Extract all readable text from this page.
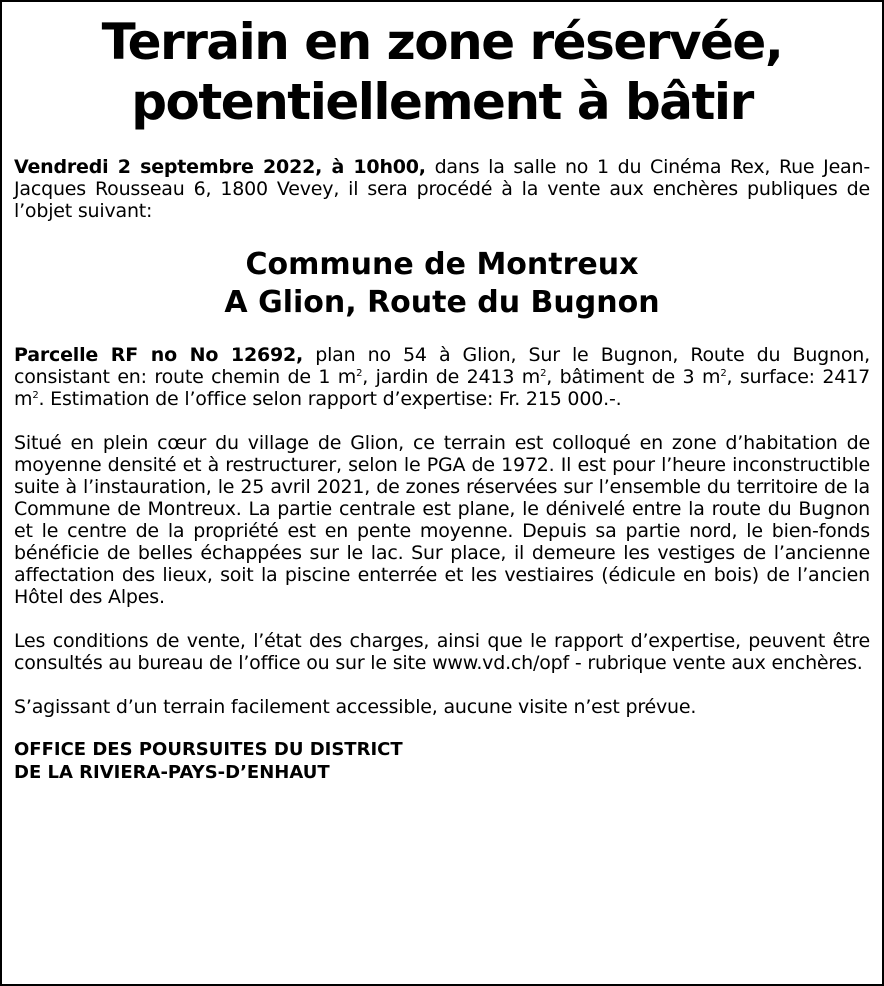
Terrain en zone réservée,
potentiellement à bâtir

Vendredi 2 septembre 2022, à 10h00, dans la salle no 1 du Cinéma Rex, Rue Jean-Jacques Rousseau 6, 1800 Vevey, il sera procédé à la vente aux enchères publiques de l’objet suivant:

Commune de Montreux
A Glion, Route du Bugnon

Parcelle RF no No 12692, plan no 54 à Glion, Sur le Bugnon, Route du Bugnon, consistant en: route chemin de 1 $m^2$, jardin de 2413 $m^2$, bâtiment de 3 $m^2$, surface: 2417 $m^2$. Estimation de l’office selon rapport d’expertise: Fr. 215 000.-.

Situé en plein cœur du village de Glion, ce terrain est colloqué en zone d’habitation de moyenne densité et à restructurer, selon le PGA de 1972. Il est pour l’heure inconstructible suite à l’instauration, le 25 avril 2021, de zones réservées sur l’ensemble du territoire de la Commune de Montreux. La partie centrale est plane, le dénivelé entre la route du Bugnon et le centre de la propriété est en pente moyenne. Depuis sa partie nord, le bien-fonds bénéficie de belles échappées sur le lac. Sur place, il demeure les vestiges de l’ancienne affectation des lieux, soit la piscine enterrée et les vestiaires (édicule en bois) de l’ancien Hôtel des Alpes.

Les conditions de vente, l’état des charges, ainsi que le rapport d’expertise, peuvent être consultés au bureau de l’office ou sur le site www.vd.ch/opf - rubrique vente aux enchères.

S’agissant d’un terrain facilement accessible, aucune visite n’est prévue.

OFFICE DES POURSUITES DU DISTRICT
DE LA RIVIERA-PAYS-D’ENHAUT
